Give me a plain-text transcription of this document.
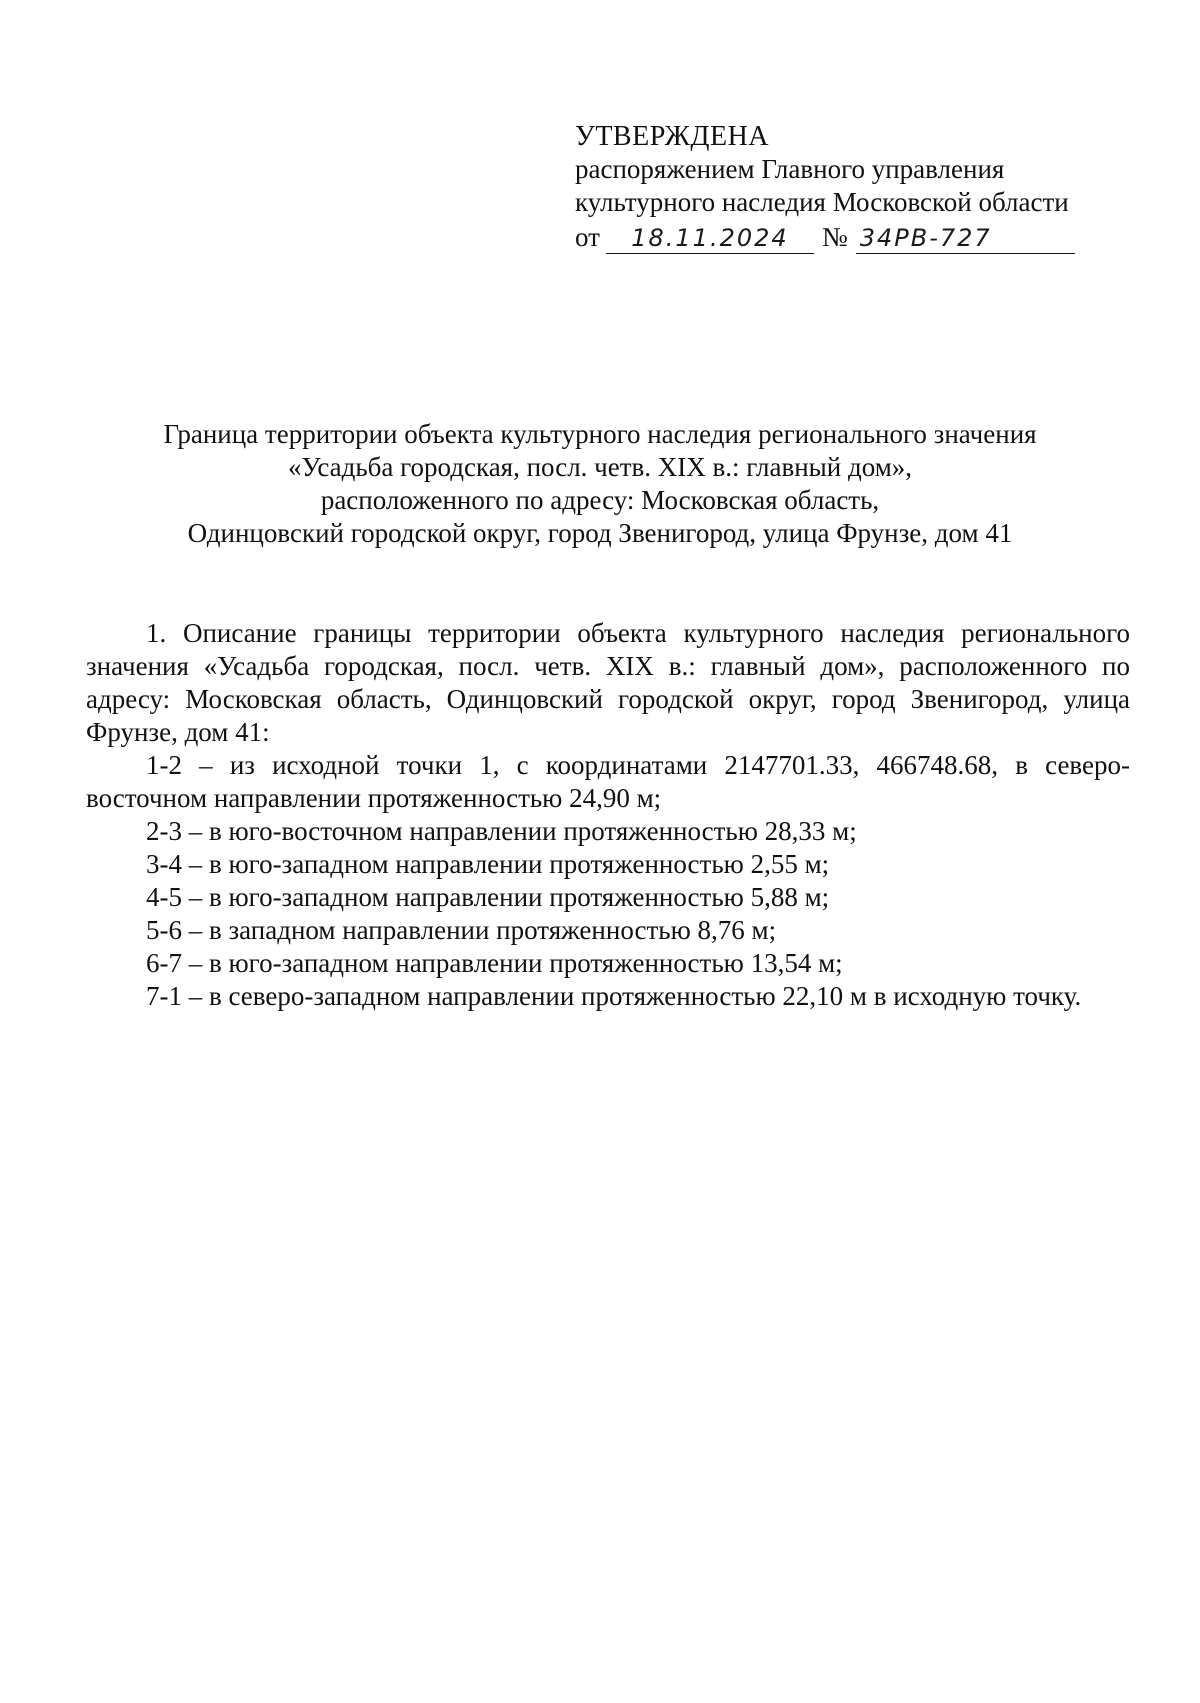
УТВЕРЖДЕНА
распоряжением Главного управления
культурного наследия Московской области
от 18.11.2024 № 34РВ-727
Граница территории объекта культурного наследия регионального значения
«Усадьба городская, посл. четв. XIX в.: главный дом»,
расположенного по адресу: Московская область,
Одинцовский городской округ, город Звенигород, улица Фрунзе, дом 41

1. Описание границы территории объекта культурного наследия регионального значения «Усадьба городская, посл. четв. XIX в.: главный дом», расположенного по адресу: Московская область, Одинцовский городской округ, город Звенигород, улица Фрунзе, дом 41:

1-2 – из исходной точки 1, с координатами 2147701.33, 466748.68, в северо-восточном направлении протяженностью 24,90 м;
2-3 – в юго-восточном направлении протяженностью 28,33 м;
3-4 – в юго-западном направлении протяженностью 2,55 м;
4-5 – в юго-западном направлении протяженностью 5,88 м;
5-6 – в западном направлении протяженностью 8,76 м;
6-7 – в юго-западном направлении протяженностью 13,54 м;
7-1 – в северо-западном направлении протяженностью 22,10 м в исходную точку.
